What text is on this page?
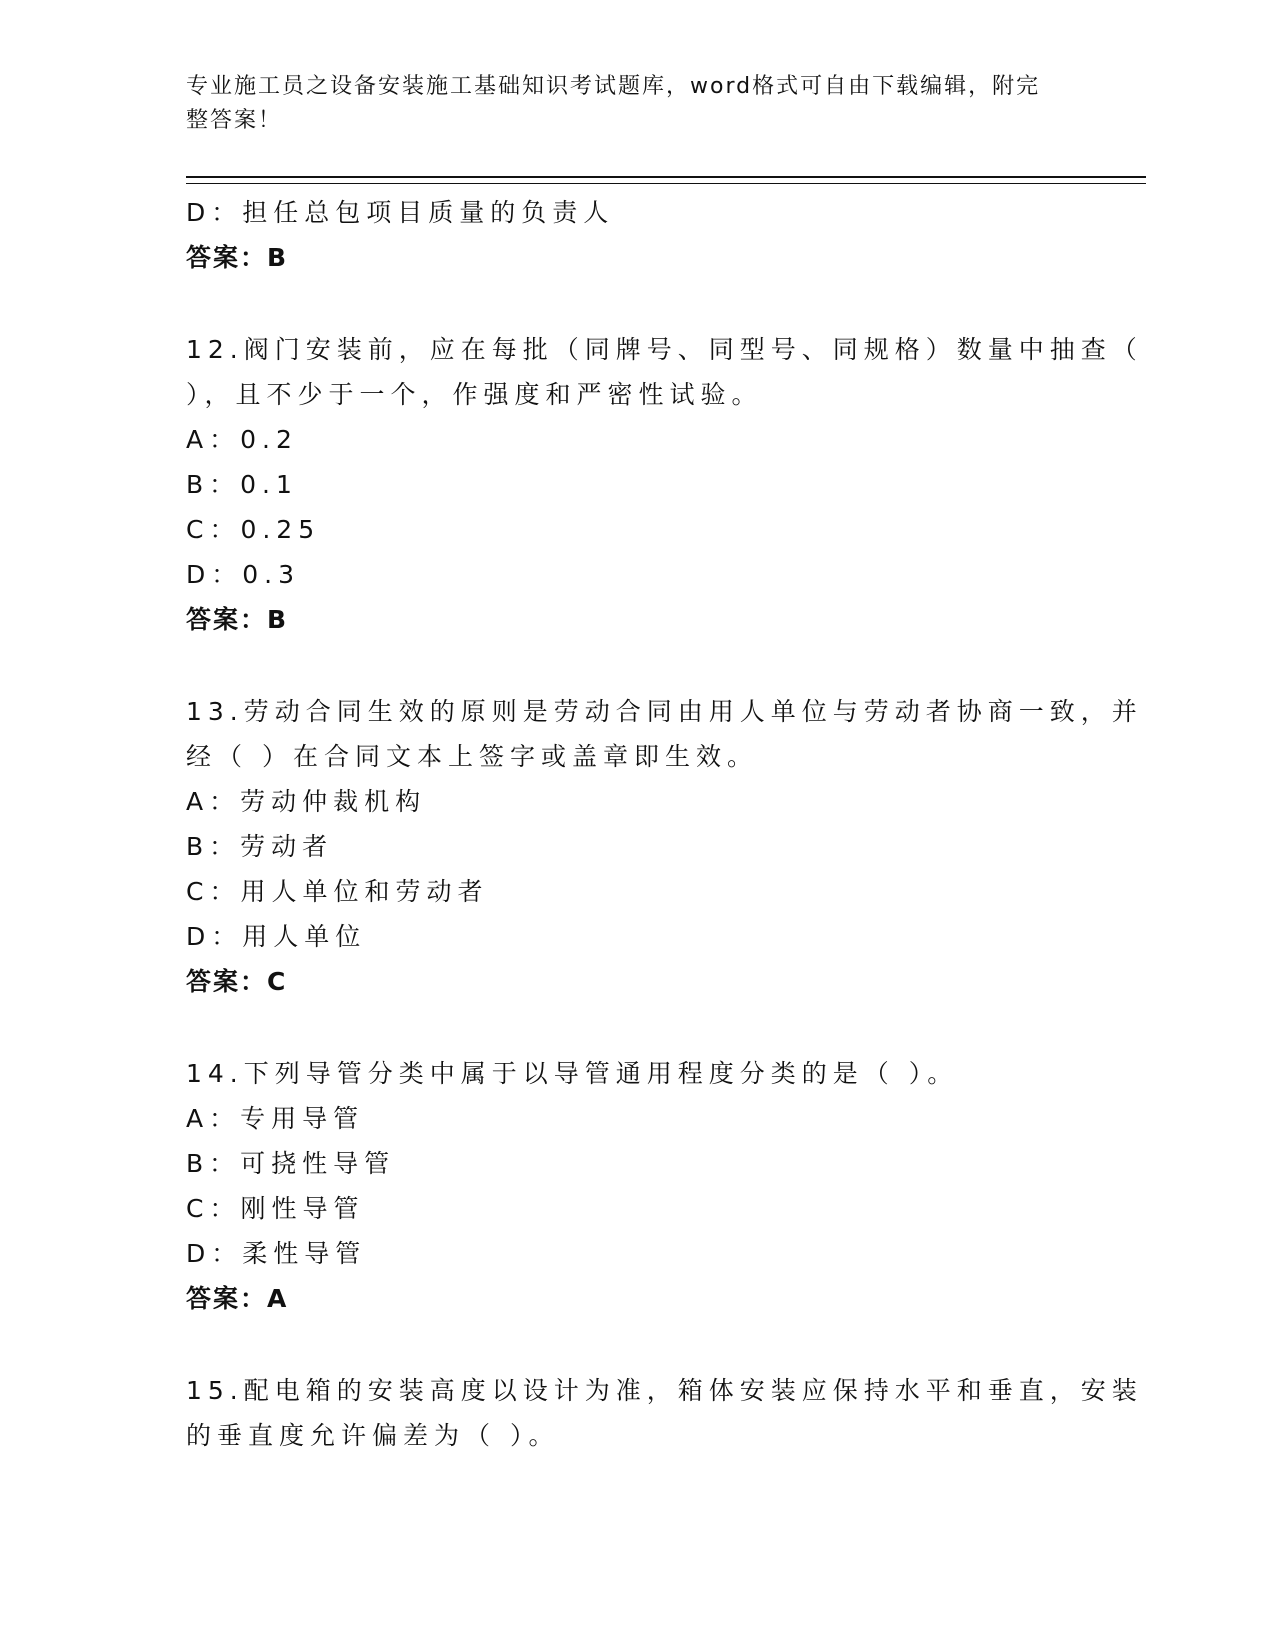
专业施工员之设备安装施工基础知识考试题库，word格式可自由下载编辑，附完
整答案！
D：担任总包项目质量的负责人
答案：B
12.阀门安装前，应在每批（同牌号、同型号、同规格）数量中抽查（
），且不少于一个，作强度和严密性试验。
A：0.2
B：0.1
C：0.25
D：0.3
答案：B
13.劳动合同生效的原则是劳动合同由用人单位与劳动者协商一致，并
经（ ）在合同文本上签字或盖章即生效。
A：劳动仲裁机构
B：劳动者
C：用人单位和劳动者
D：用人单位
答案：C
14.下列导管分类中属于以导管通用程度分类的是（ ）。
A：专用导管
B：可挠性导管
C：刚性导管
D：柔性导管
答案：A
15.配电箱的安装高度以设计为准，箱体安装应保持水平和垂直，安装
的垂直度允许偏差为（ ）。
